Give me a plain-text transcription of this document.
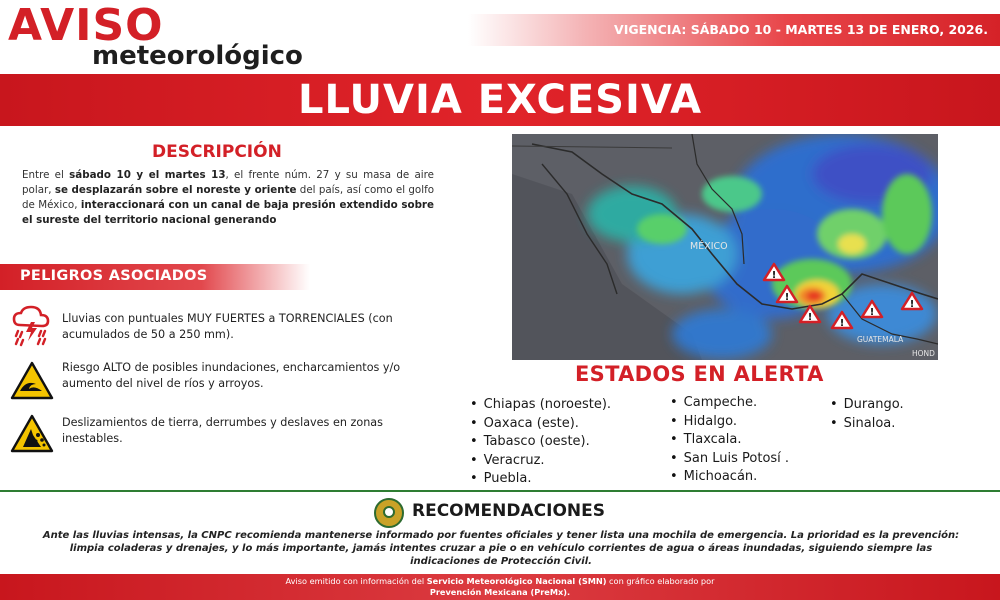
AVISO
meteorológico
VIGENCIA: SÁBADO 10 - MARTES 13 DE ENERO, 2026.
LLUVIA EXCESIVA
DESCRIPCIÓN

Entre el sábado 10 y el martes 13, el frente núm. 27 y su masa de aire polar, se desplazarán sobre el noreste y oriente del país, así como el golfo de México, interaccionará con un canal de baja presión extendido sobre el sureste del territorio nacional generando

PELIGROS ASOCIADOS
Lluvias con puntuales MUY FUERTES a TORRENCIALES (con acumulados de 50 a 250 mm).
Riesgo ALTO de posibles inundaciones, encharcamientos y/o aumento del nivel de ríos y arroyos.
Deslizamientos de tierra, derrumbes y deslaves en zonas inestables.
!
!
!
!
!
!
MÉXICO
GUATEMALA
HOND
ESTADOS EN ALERTA
• Chiapas (noroeste).
• Oaxaca (este).
• Tabasco (oeste).
• Veracruz.
• Puebla.
• Campeche.
• Hidalgo.
• Tlaxcala.
• San Luis Potosí .
• Michoacán.
• Durango.
• Sinaloa.
RECOMENDACIONES

Ante las lluvias intensas, la CNPC recomienda mantenerse informado por fuentes oficiales y tener lista una mochila de emergencia. La prioridad es la prevención: limpia coladeras y drenajes, y lo más importante, jamás intentes cruzar a pie o en vehículo corrientes de agua o áreas inundadas, siguiendo siempre las indicaciones de Protección Civil.

Aviso emitido con información del Servicio Meteorológico Nacional (SMN) con gráfico elaborado por
Prevención Mexicana (PreMx).
